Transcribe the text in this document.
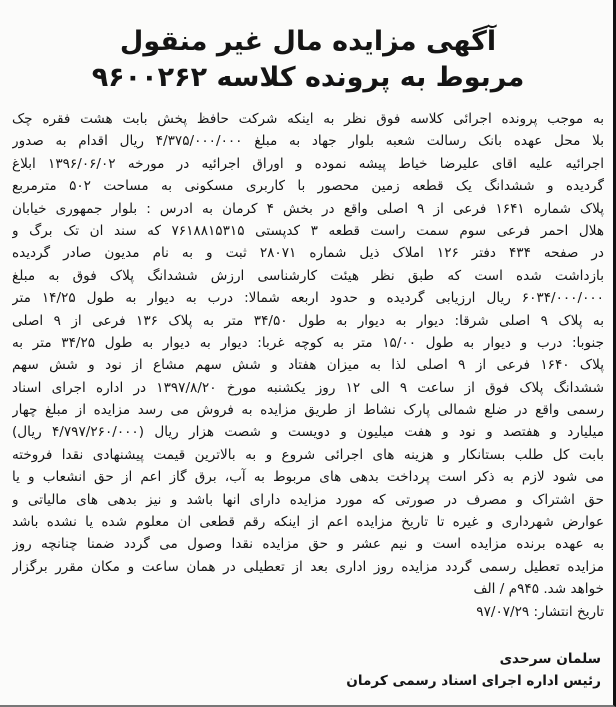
آگهی مزایده مال غیر منقول
مربوط به پرونده کلاسه ۹۶۰۰۲۶۲
به موجب پرونده اجرائی کلاسه فوق نظر به اینکه شرکت حافظ پخش بابت هشت فقره چک
بلا محل عهده بانک رسالت شعبه بلوار جهاد به مبلغ ۴/۳۷۵/۰۰۰/۰۰۰ ریال اقدام به صدور
اجرائیه علیه اقای علیرضا خیاط پیشه نموده و اوراق اجرائیه در مورخه ۱۳۹۶/۰۶/۰۲ ابلاغ
گردیده و ششدانگ یک قطعه زمین محصور با کاربری مسکونی به مساحت ۵۰۲ مترمربع
پلاک شماره ۱۶۴۱ فرعی از ۹ اصلی واقع در بخش ۴ کرمان به ادرس : بلوار جمهوری خیابان
هلال احمر فرعی سوم سمت راست قطعه ۳ کدپستی ۷۶۱۸۸۱۵۳۱۵ که سند ان تک برگ و
در صفحه ۴۳۴ دفتر ۱۲۶ املاک ذیل شماره ۲۸۰۷۱ ثبت و به نام مدیون صادر گردیده
بازداشت شده است که طبق نظر هیئت کارشناسی ارزش ششدانگ پلاک فوق به مبلغ
۶۰۳۴/۰۰۰/۰۰۰ ریال ارزیابی گردیده و حدود اربعه شمالا: درب به دیوار به طول ۱۴/۲۵ متر
به پلاک ۹ اصلی شرقا: دیوار به دیوار به طول ۳۴/۵۰ متر به پلاک ۱۳۶ فرعی از ۹ اصلی
جنوبا: درب و دیوار به طول ۱۵/۰۰ متر به کوچه غربا: دیوار به دیوار به طول ۳۴/۲۵ متر به
پلاک ۱۶۴۰ فرعی از ۹ اصلی لذا به میزان هفتاد و شش سهم مشاع از نود و شش سهم
ششدانگ پلاک فوق از ساعت ۹ الی ۱۲ روز یکشنبه مورخ ۱۳۹۷/۸/۲۰ در اداره اجرای اسناد
رسمی واقع در ضلع شمالی پارک نشاط از طریق مزایده به فروش می رسد مزایده از مبلغ چهار
میلیارد و هفتصد و نود و هفت میلیون و دویست و شصت هزار ریال (۴/۷۹۷/۲۶۰/۰۰۰ ریال)
بابت کل طلب بستانکار و هزینه های اجرائی شروع و به بالاترین قیمت پیشنهادی نقدا فروخته
می شود لازم به ذکر است پرداخت بدهی های مربوط به آب، برق گاز اعم از حق انشعاب و یا
حق اشتراک و مصرف در صورتی که مورد مزایده دارای انها باشد و نیز بدهی های مالیاتی و
عوارض شهرداری و غیره تا تاریخ مزایده اعم از اینکه رقم قطعی ان معلوم شده یا نشده باشد
به عهده برنده مزایده است و نیم عشر و حق مزایده نقدا وصول می گردد ضمنا چنانچه روز
مزایده تعطیل رسمی گردد مزایده روز اداری بعد از تعطیلی در همان ساعت و مکان مقرر برگزار
خواهد شد. ۹۴۵م / الف
تاریخ انتشار: ۹۷/۰۷/۲۹
سلمان سرحدی
رئیس اداره اجرای اسناد رسمی کرمان
